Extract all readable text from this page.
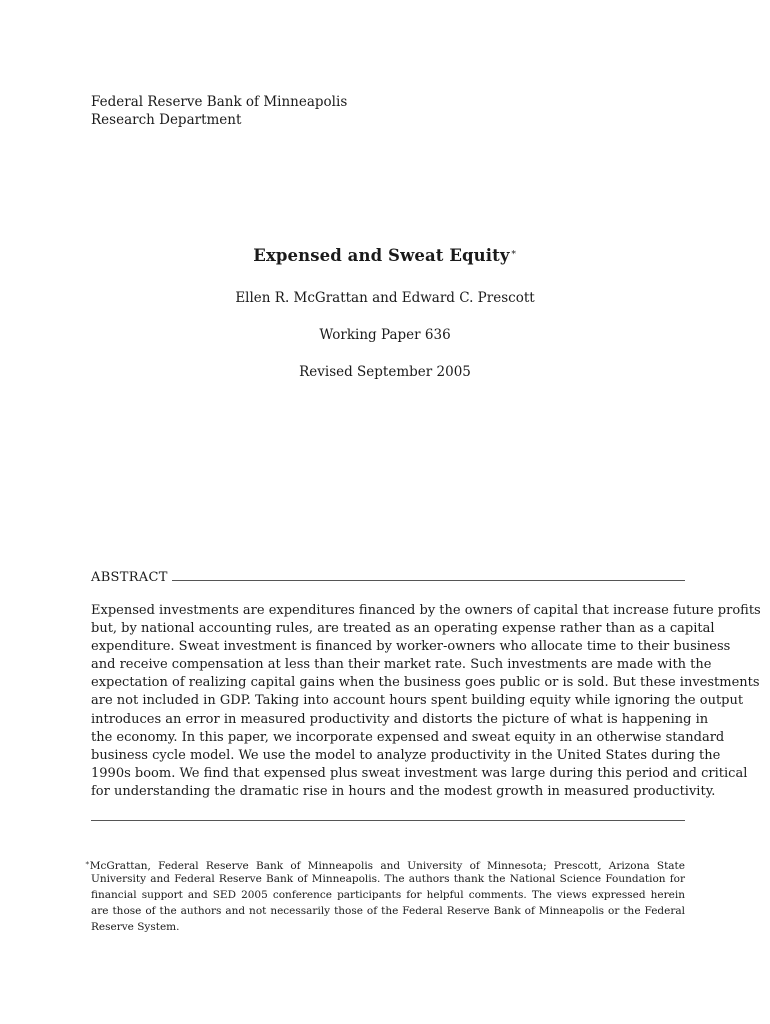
Federal Reserve Bank of Minneapolis
Research Department
Expensed and Sweat Equity∗
Ellen R. McGrattan and Edward C. Prescott
Working Paper 636
Revised September 2005
ABSTRACT
Expensed investments are expenditures financed by the owners of capital that increase future profits
but, by national accounting rules, are treated as an operating expense rather than as a capital
expenditure. Sweat investment is financed by worker-owners who allocate time to their business
and receive compensation at less than their market rate. Such investments are made with the
expectation of realizing capital gains when the business goes public or is sold. But these investments
are not included in GDP. Taking into account hours spent building equity while ignoring the output
introduces an error in measured productivity and distorts the picture of what is happening in
the economy. In this paper, we incorporate expensed and sweat equity in an otherwise standard
business cycle model. We use the model to analyze productivity in the United States during the
1990s boom. We find that expensed plus sweat investment was large during this period and critical
for understanding the dramatic rise in hours and the modest growth in measured productivity.
∗McGrattan, Federal Reserve Bank of Minneapolis and University of Minnesota; Prescott, Arizona State
University and Federal Reserve Bank of Minneapolis. The authors thank the National Science Foundation for
financial support and SED 2005 conference participants for helpful comments. The views expressed herein
are those of the authors and not necessarily those of the Federal Reserve Bank of Minneapolis or the Federal
Reserve System.
